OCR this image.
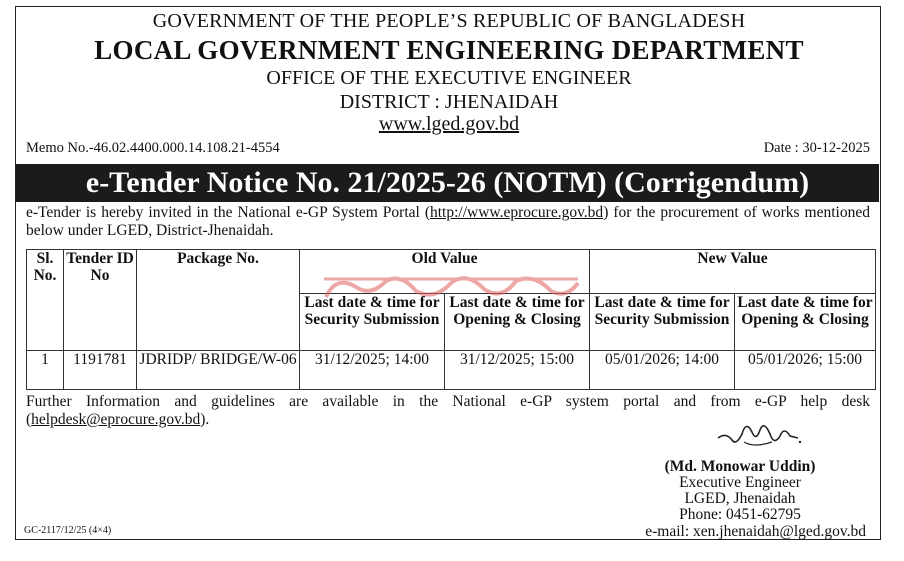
GOVERNMENT OF THE PEOPLE’S REPUBLIC OF BANGLADESH
LOCAL GOVERNMENT ENGINEERING DEPARTMENT
OFFICE OF THE EXECUTIVE ENGINEER
DISTRICT : JHENAIDAH
www.lged.gov.bd
Memo No.-46.02.4400.000.14.108.21-4554	Date : 30-12-2025
e-Tender Notice No. 21/2025-26 (NOTM) (Corrigendum)
e-Tender is hereby invited in the National e-GP System Portal (http://www.eprocure.gov.bd) for the procurement of works mentioned below under LGED, District-Jhenaidah.
Sl. No.	Tender ID No	Package No.	Old Value		New Value	
			Last date & time for Security Submission	Last date & time for Opening & Closing	Last date & time for Security Submission	Last date & time for Opening & Closing
1	1191781	JDRIDP/ BRIDGE/W-06	31/12/2025; 14:00	31/12/2025; 15:00	05/01/2026; 14:00	05/01/2026; 15:00
Further Information and guidelines are available in the National e-GP system portal and from e-GP help desk (helpdesk@eprocure.gov.bd).
(Md. Monowar Uddin)
Executive Engineer
LGED, Jhenaidah
Phone: 0451-62795
e-mail: xen.jhenaidah@lged.gov.bd
GC-2117/12/25 (4×4)
